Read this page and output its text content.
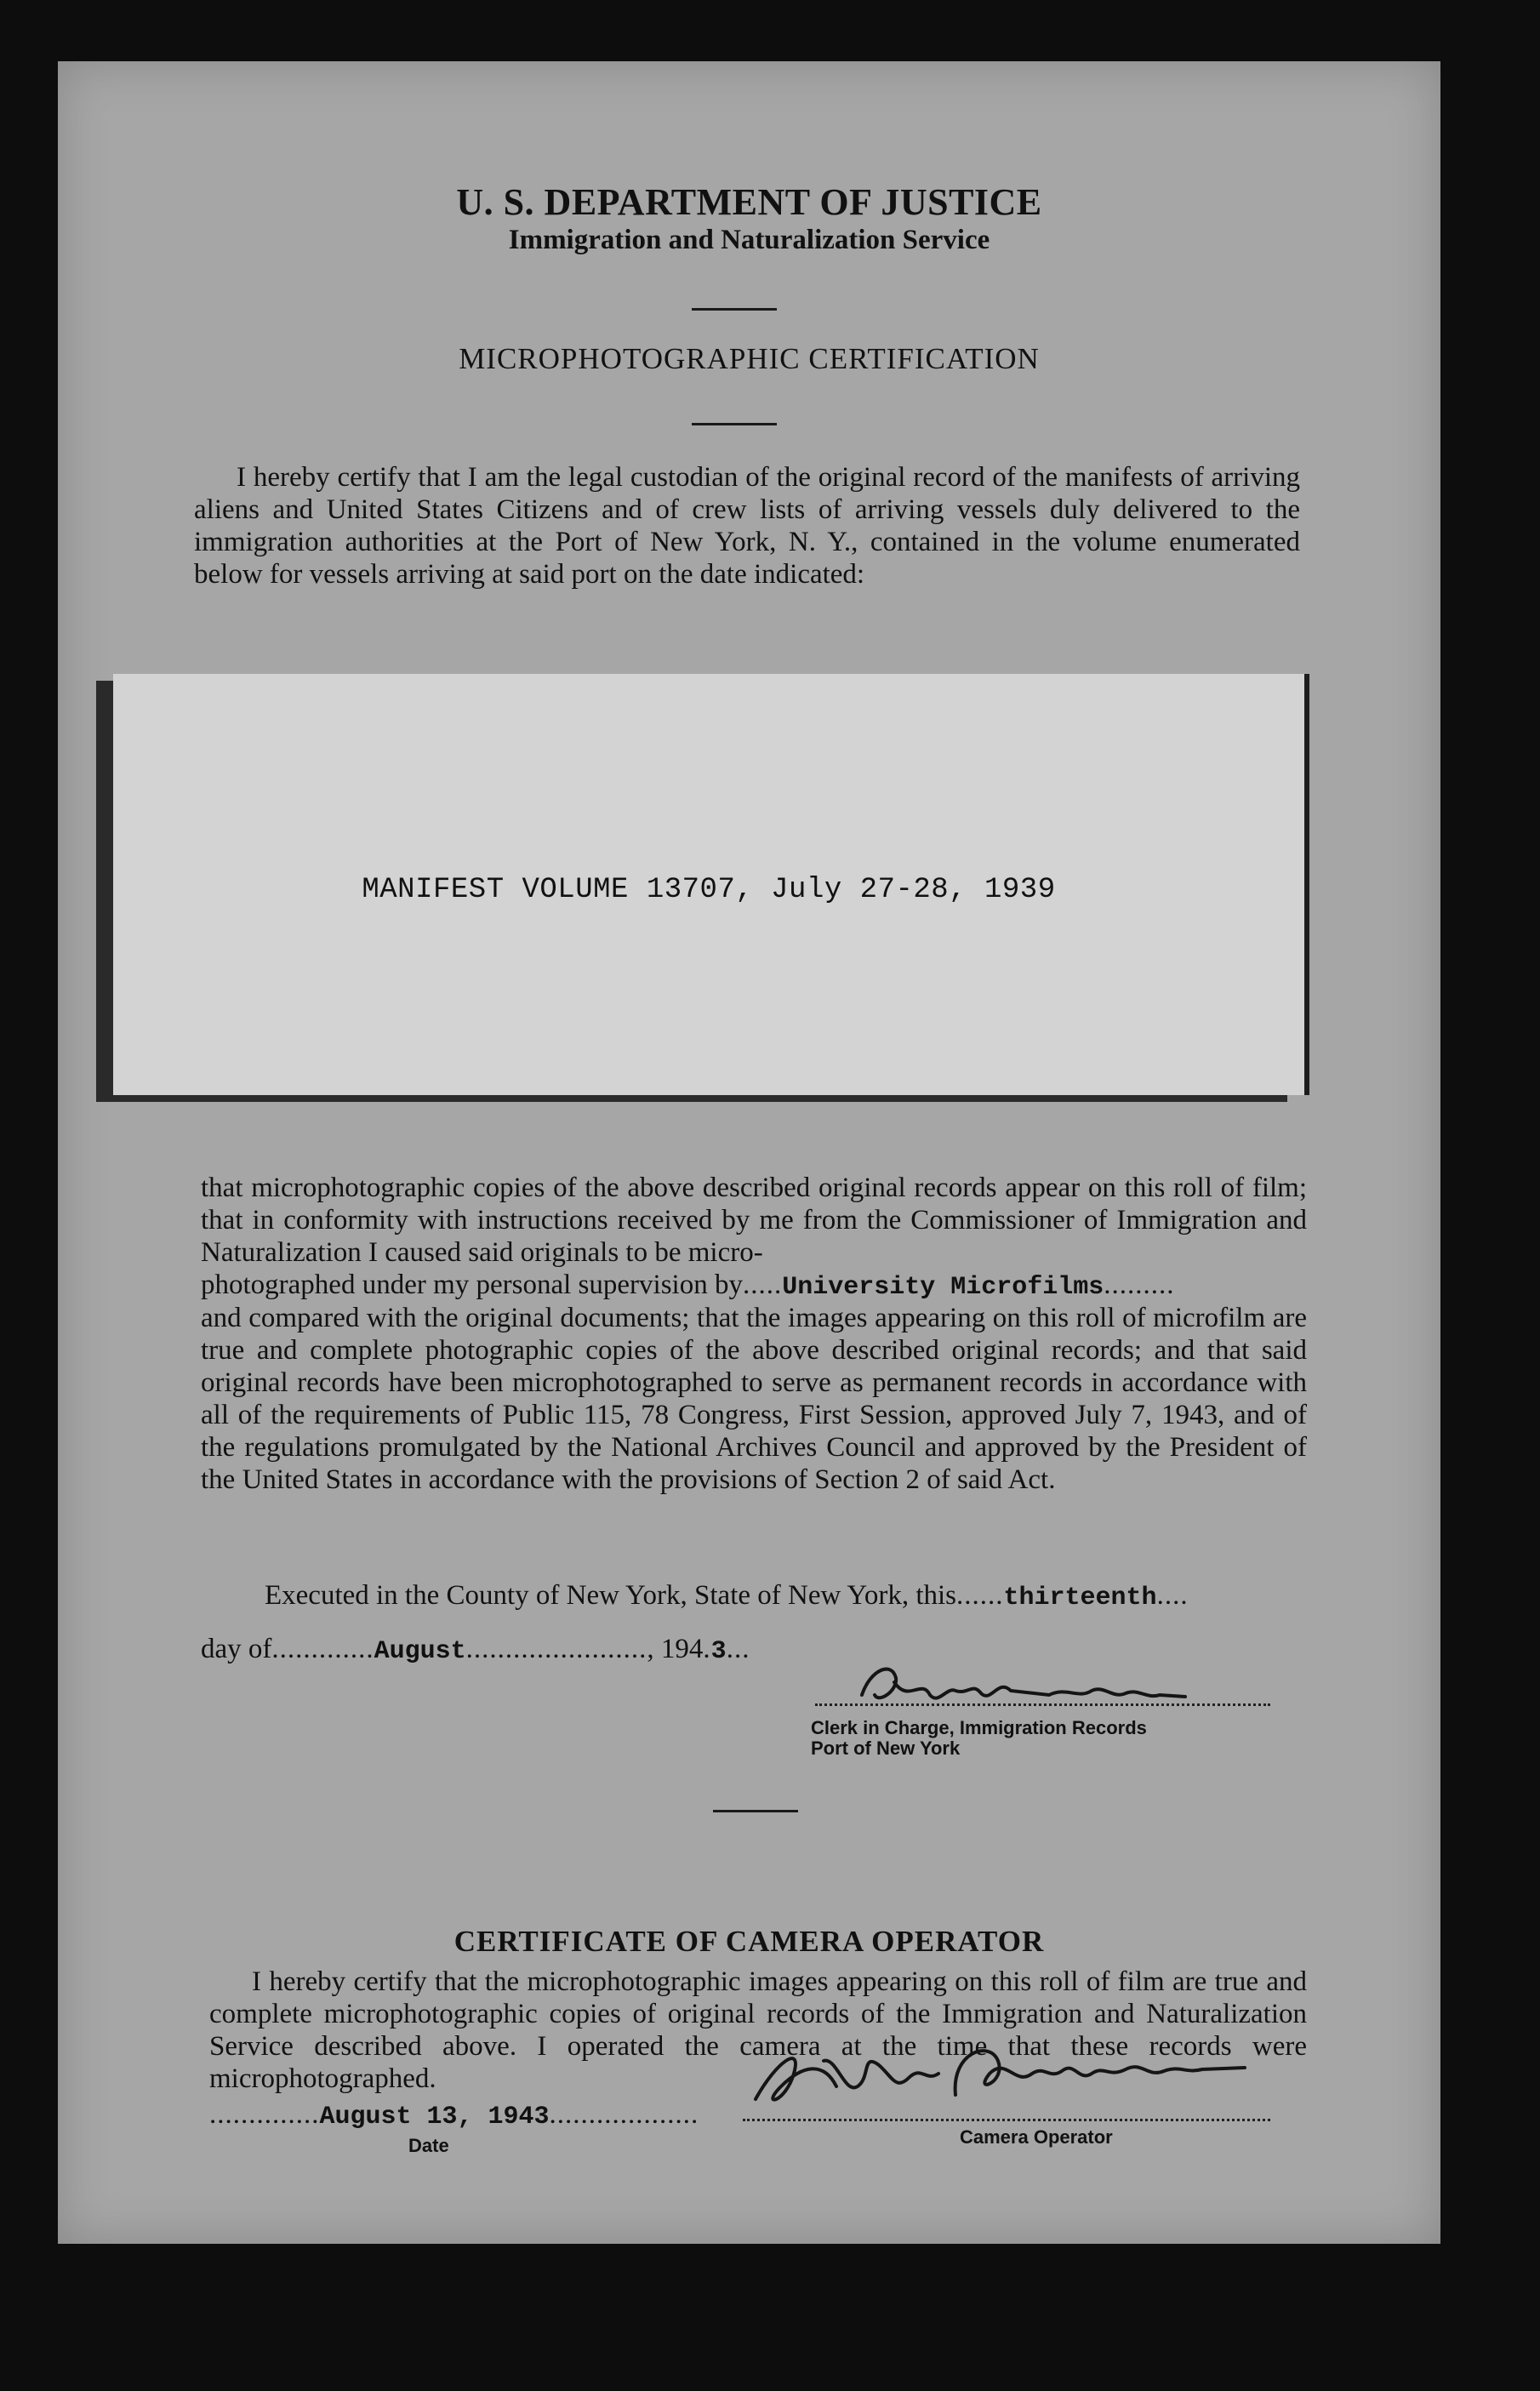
U. S. DEPARTMENT OF JUSTICE
Immigration and Naturalization Service
MICROPHOTOGRAPHIC CERTIFICATION
I hereby certify that I am the legal custodian of the original record of the manifests of arriving aliens and United States Citizens and of crew lists of arriving vessels duly delivered to the immigration authorities at the Port of New York, N. Y., contained in the volume enumerated below for vessels arriving at said port on the date indicated:
MANIFEST VOLUME 13707, July 27-28, 1939
that microphotographic copies of the above described original records appear on this roll of film; that in conformity with instructions received by me from the Commissioner of Immigration and Naturalization I caused said originals to be micro-
photographed under my personal supervision by.....University Microfilms.........
and compared with the original documents; that the images appearing on this roll of microfilm are true and complete photographic copies of the above described original records; and that said original records have been microphotographed to serve as permanent records in accordance with all of the requirements of Public 115, 78 Congress, First Session, approved July 7, 1943, and of the regulations promulgated by the National Archives Council and approved by the President of the United States in accordance with the provisions of Section 2 of said Act.
Executed in the County of New York, State of New York, this......thirteenth....
day of.............August......................., 194.3...
Clerk in Charge, Immigration Records
Port of New York
CERTIFICATE OF CAMERA OPERATOR
I hereby certify that the microphotographic images appearing on this roll of film are true and complete microphotographic copies of original records of the Immigration and Naturalization Service described above. I operated the camera at the time that these records were microphotographed.
..............August 13, 1943...................
Date	Camera Operator
